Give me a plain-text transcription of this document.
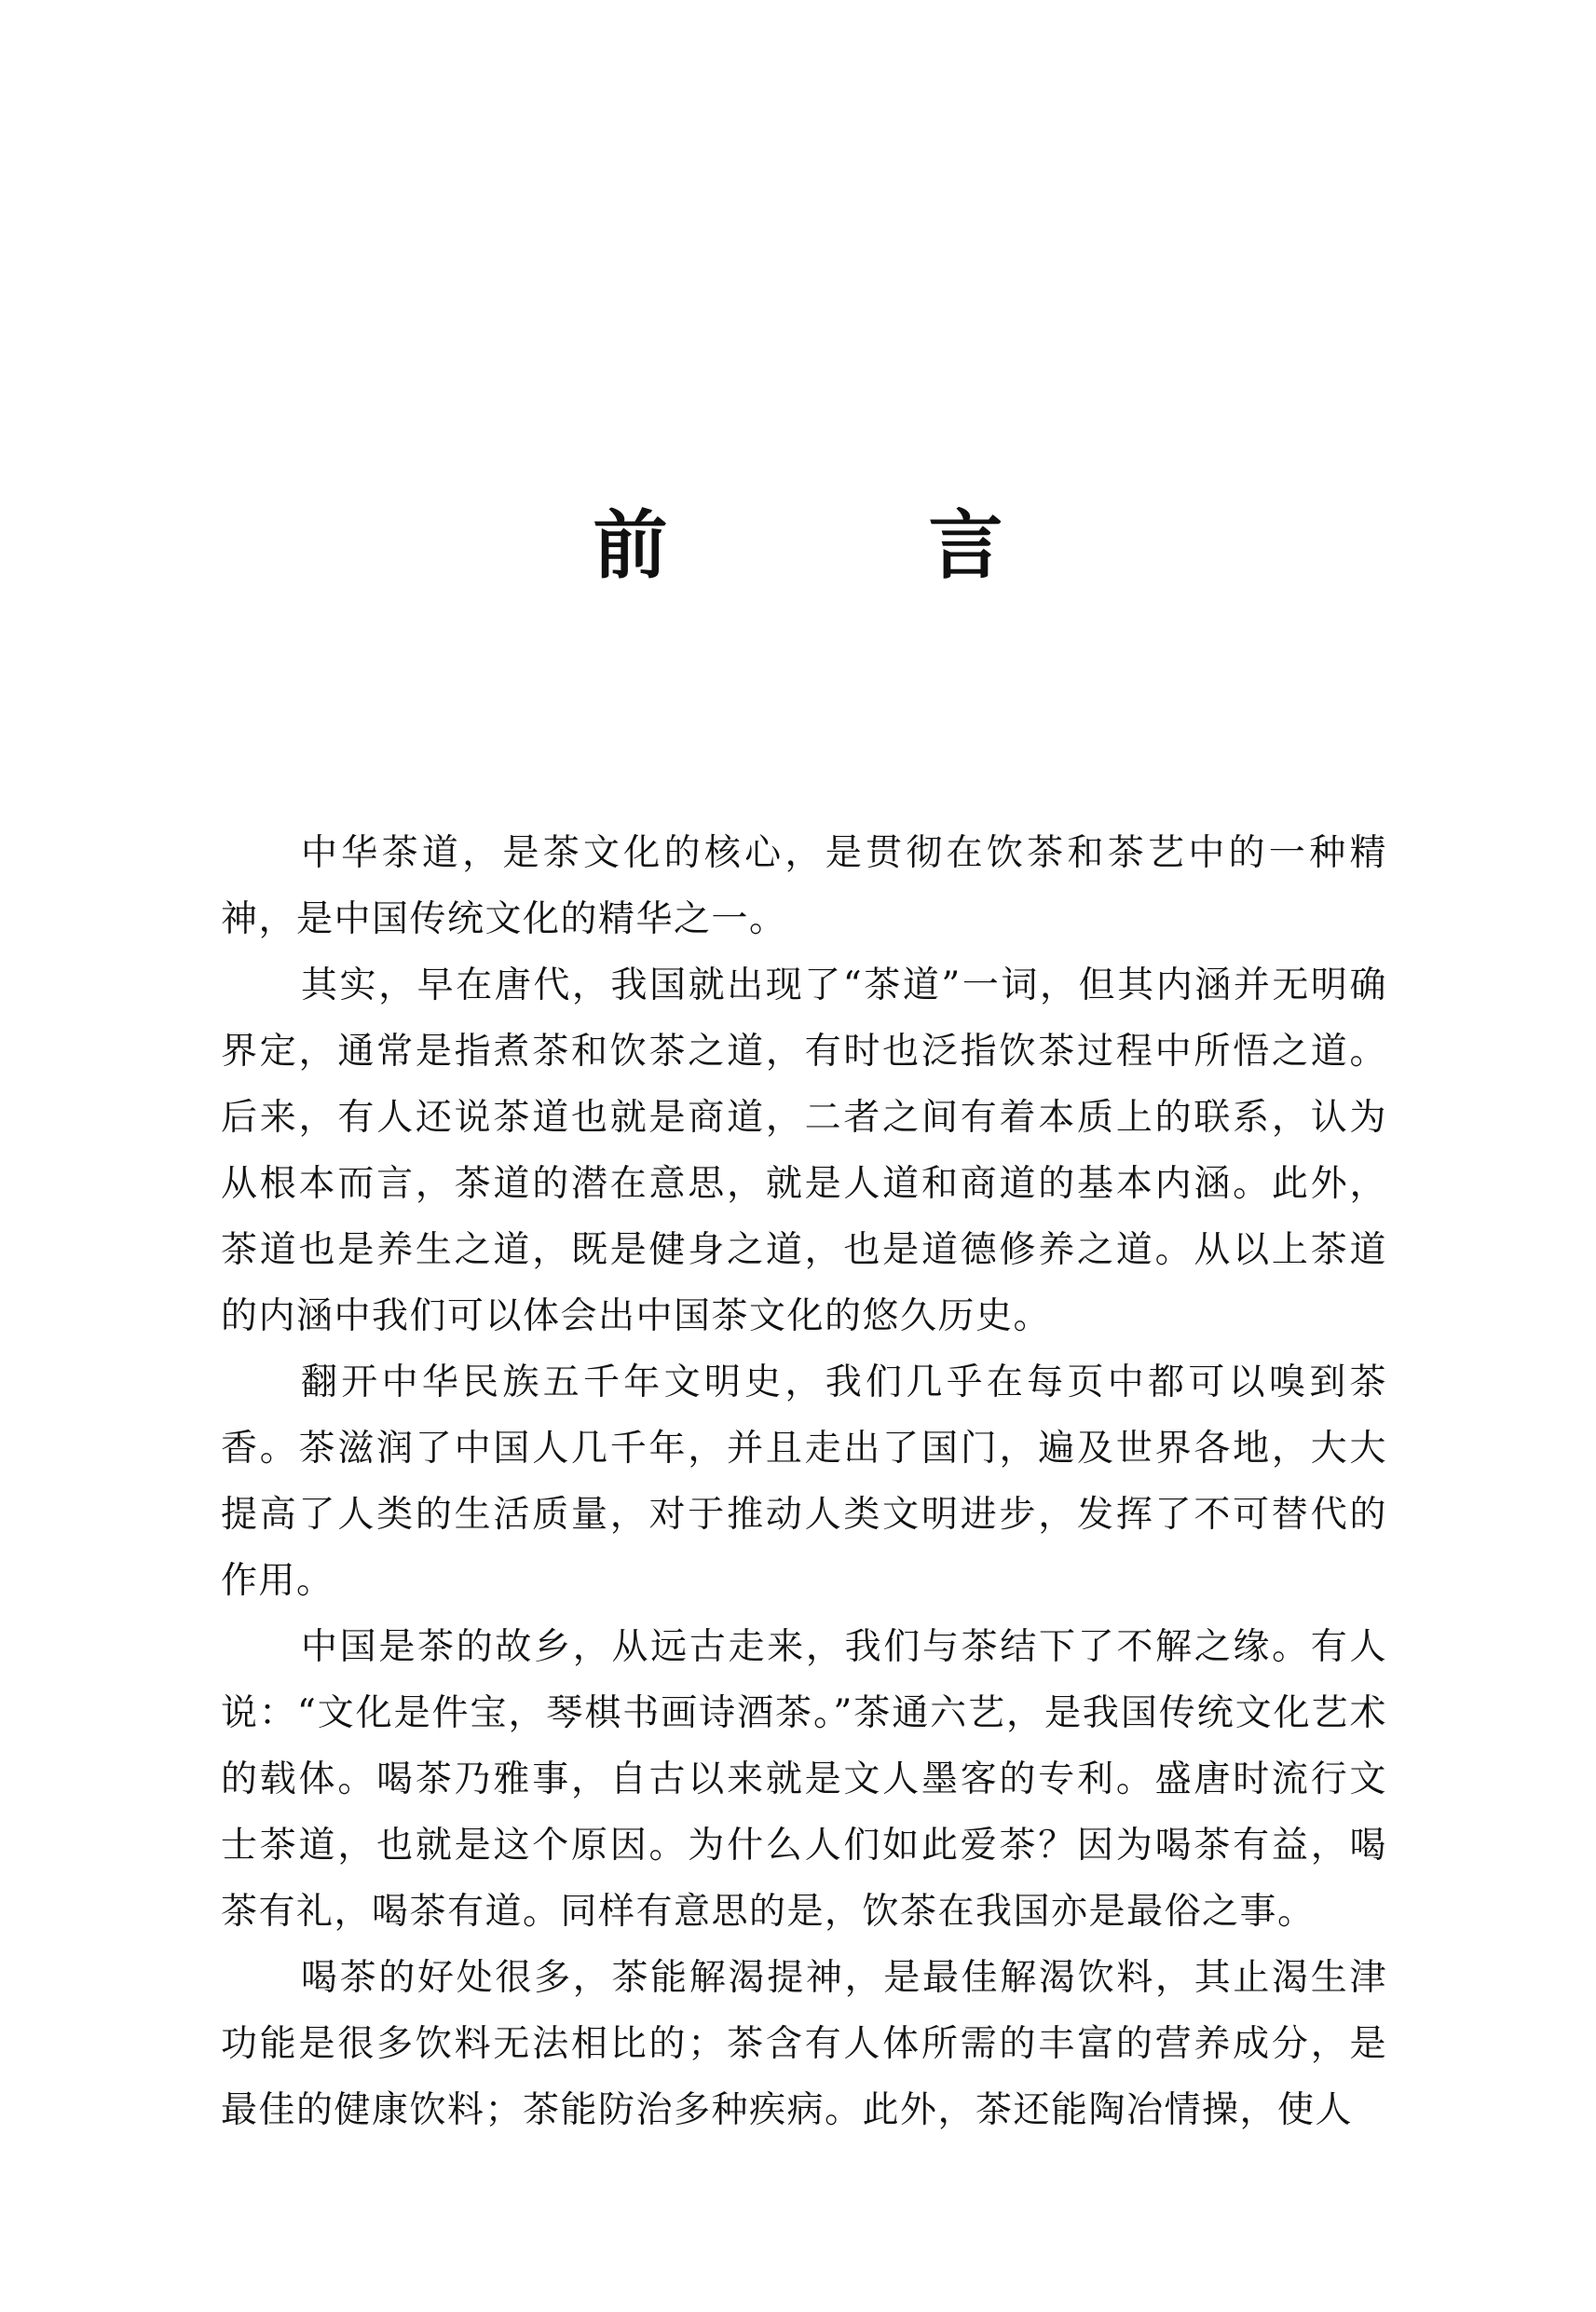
前　言

中华茶道，是茶文化的核心，是贯彻在饮茶和茶艺中的一种精神，是中国传统文化的精华之一。

其实，早在唐代，我国就出现了“茶道”一词，但其内涵并无明确界定，通常是指煮茶和饮茶之道，有时也泛指饮茶过程中所悟之道。后来，有人还说茶道也就是商道，二者之间有着本质上的联系，认为从根本而言，茶道的潜在意思，就是人道和商道的基本内涵。此外，茶道也是养生之道，既是健身之道，也是道德修养之道。从以上茶道的内涵中我们可以体会出中国茶文化的悠久历史。

翻开中华民族五千年文明史，我们几乎在每页中都可以嗅到茶香。茶滋润了中国人几千年，并且走出了国门，遍及世界各地，大大提高了人类的生活质量，对于推动人类文明进步，发挥了不可替代的作用。

中国是茶的故乡，从远古走来，我们与茶结下了不解之缘。有人说：“文化是件宝，琴棋书画诗酒茶。”茶通六艺，是我国传统文化艺术的载体。喝茶乃雅事，自古以来就是文人墨客的专利。盛唐时流行文士茶道，也就是这个原因。为什么人们如此爱茶？因为喝茶有益，喝茶有礼，喝茶有道。同样有意思的是，饮茶在我国亦是最俗之事。

喝茶的好处很多，茶能解渴提神，是最佳解渴饮料，其止渴生津功能是很多饮料无法相比的；茶含有人体所需的丰富的营养成分，是最佳的健康饮料；茶能防治多种疾病。此外，茶还能陶冶情操，使人
